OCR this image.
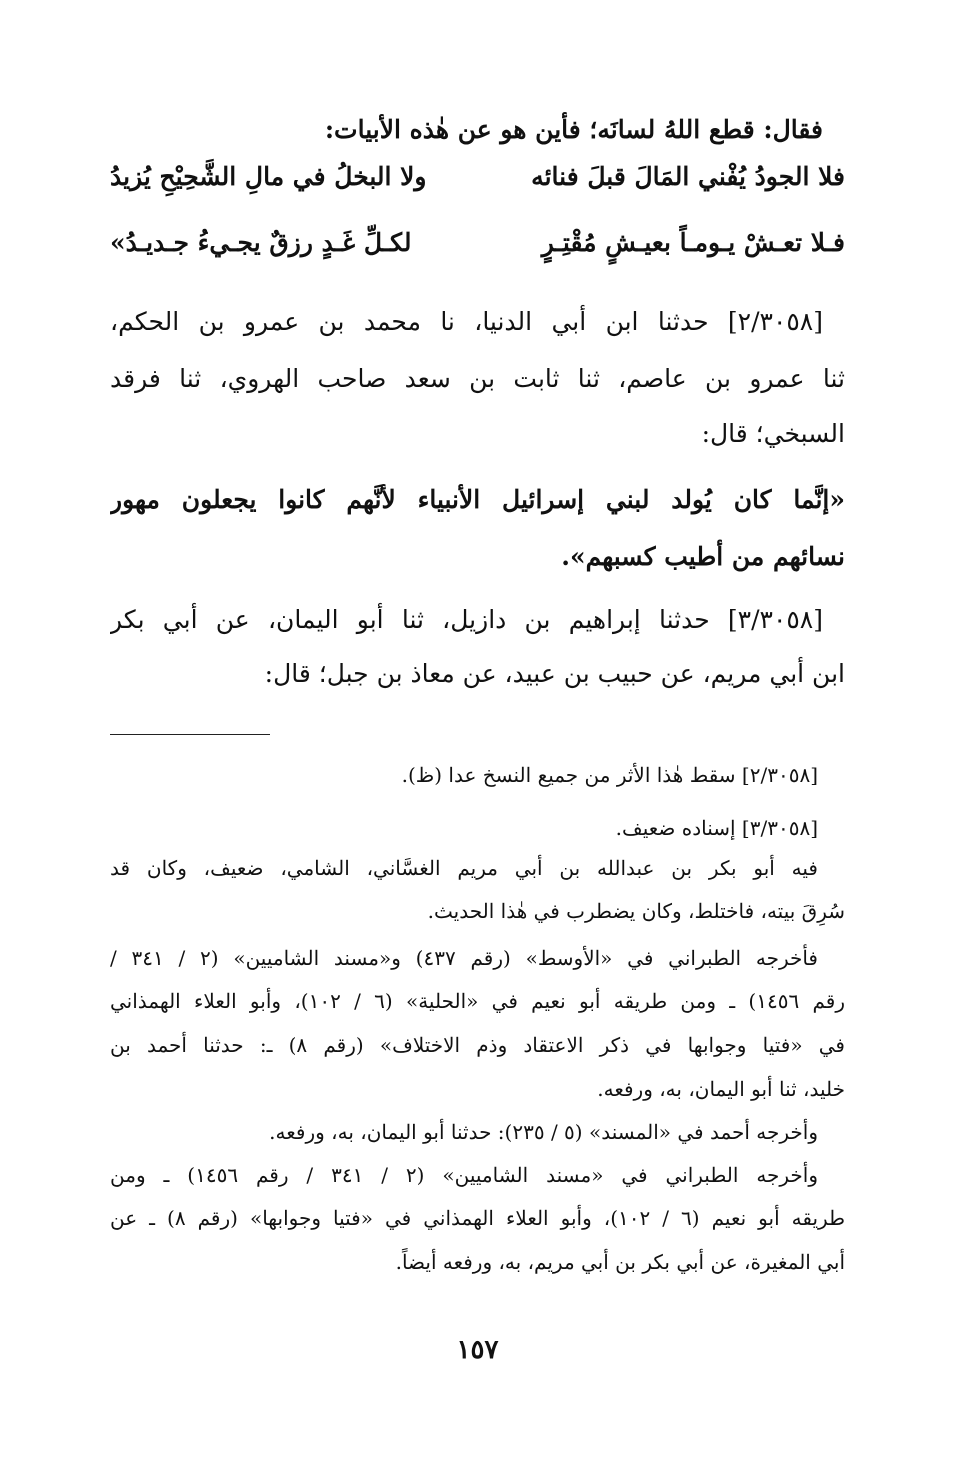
فقال: قطع اللهُ لسانَه؛ فأين هو عن هٰذه الأبيات:
فلا الجودُ يُفْني المَالَ قبلَ فنائه
ولا البخلُ في مالِ الشَّحِيْحِ يُزيدُ
فـلا تعـشْ يـومـاً بعيـشٍ مُقْتِـرٍ
لكـلِّ غَـدٍ رزقٌ يجـيءُ جـديـدُ»
[٢/٣٠٥٨] حدثنا ابن أبي الدنيا، نا محمد بن عمرو بن الحكم،
ثنا عمرو بن عاصم، ثنا ثابت بن سعد صاحب الهروي، ثنا فرقد
السبخي؛ قال:
«إنَّما كان يُولد لبني إسرائيل الأنبياء لأنَّهم كانوا يجعلون مهور
نسائهم من أطيب كسبهم».
[٣/٣٠٥٨] حدثنا إبراهيم بن دازيل، ثنا أبو اليمان، عن أبي بكر
ابن أبي مريم، عن حبيب بن عبيد، عن معاذ بن جبل؛ قال:
[٢/٣٠٥٨] سقط هٰذا الأثر من جميع النسخ عدا (ظ).
[٣/٣٠٥٨] إسناده ضعيف.
فيه أبو بكر بن عبدالله بن أبي مريم الغسَّاني، الشامي، ضعيف، وكان قد
سُرِقَ بيته، فاختلط، وكان يضطرب في هٰذا الحديث.
فأخرجه الطبراني في «الأوسط» (رقم ٤٣٧) و«مسند الشاميين» (٢ / ٣٤١ /
رقم ١٤٥٦) ـ ومن طريقه أبو نعيم في «الحلية» (٦ / ١٠٢)، وأبو العلاء الهمذاني
في «فتيا وجوابها في ذكر الاعتقاد وذم الاختلاف» (رقم ٨) ـ: حدثنا أحمد بن
خليد، ثنا أبو اليمان، به، ورفعه.
وأخرجه أحمد في «المسند» (٥ / ٢٣٥): حدثنا أبو اليمان، به، ورفعه.
وأخرجه الطبراني في «مسند الشاميين» (٢ / ٣٤١ / رقم ١٤٥٦) ـ ومن
طريقه أبو نعيم (٦ / ١٠٢)، وأبو العلاء الهمذاني في «فتيا وجوابها» (رقم ٨) ـ عن
أبي المغيرة، عن أبي بكر بن أبي مريم، به، ورفعه أيضاً.
١٥٧
